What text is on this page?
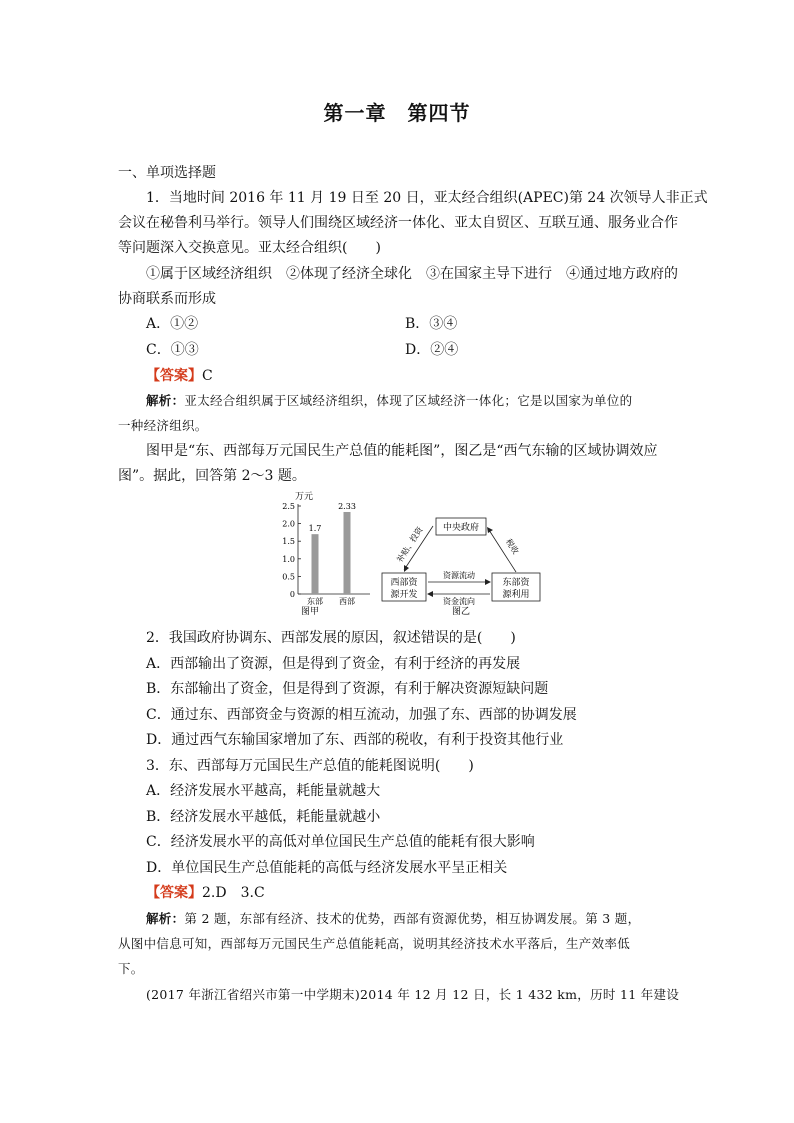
第一章　第四节
一、单项选择题
1．当地时间 2016 年 11 月 19 日至 20 日，亚太经合组织(APEC)第 24 次领导人非正式
会议在秘鲁利马举行。领导人们围绕区域经济一体化、亚太自贸区、互联互通、服务业合作
等问题深入交换意见。亚太经合组织(　　)
①属于区域经济组织　②体现了经济全球化　③在国家主导下进行　④通过地方政府的
协商联系而形成
A．①②	B．③④
C．①③	D．②④
【答案】C
解析：亚太经合组织属于区域经济组织，体现了区域经济一体化；它是以国家为单位的
一种经济组织。
图甲是“东、西部每万元国民生产总值的能耗图”，图乙是“西气东输的区域协调效应
图”。据此，回答第 2～3 题。
万元
0
0.5
1.0
1.5
2.0
2.5
1.7
东部
2.33
西部
图甲
中央政府
西部资
源开发
东部资
源利用
资源流动
资金流向
补贴、投资	税收
图乙
2．我国政府协调东、西部发展的原因，叙述错误的是(　　)
A．西部输出了资源，但是得到了资金，有利于经济的再发展
B．东部输出了资金，但是得到了资源，有利于解决资源短缺问题
C．通过东、西部资金与资源的相互流动，加强了东、西部的协调发展
D．通过西气东输国家增加了东、西部的税收，有利于投资其他行业
3．东、西部每万元国民生产总值的能耗图说明(　　)
A．经济发展水平越高，耗能量就越大
B．经济发展水平越低，耗能量就越小
C．经济发展水平的高低对单位国民生产总值的能耗有很大影响
D．单位国民生产总值能耗的高低与经济发展水平呈正相关
【答案】2.D　3.C
解析：第 2 题，东部有经济、技术的优势，西部有资源优势，相互协调发展。第 3 题，
从图中信息可知，西部每万元国民生产总值能耗高，说明其经济技术水平落后，生产效率低
下。
(2017 年浙江省绍兴市第一中学期末)2014 年 12 月 12 日，长 1 432 km，历时 11 年建设
